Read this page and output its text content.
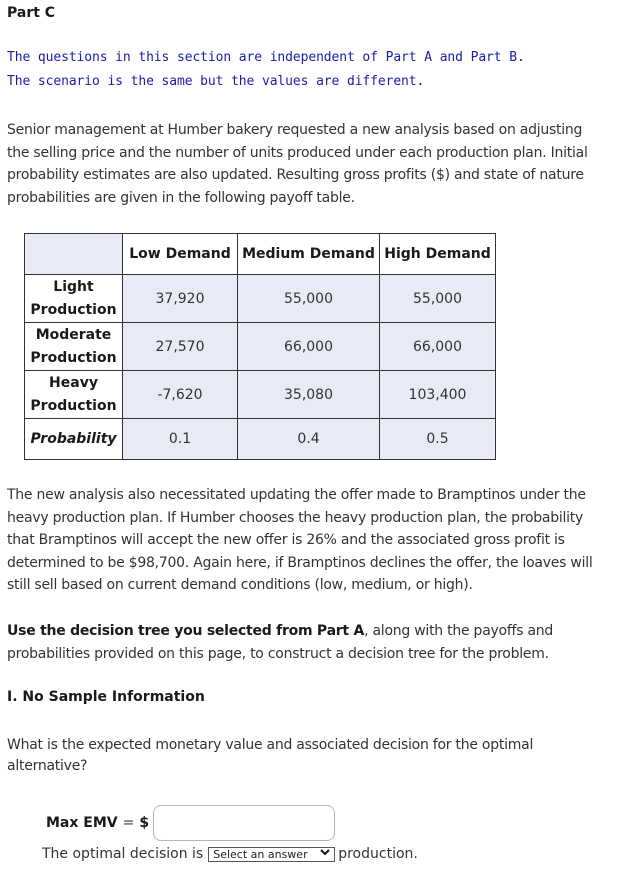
Part C
The questions in this section are independent of Part A and Part B.
The scenario is the same but the values are different.
Senior management at Humber bakery requested a new analysis based on adjusting the selling price and the number of units produced under each production plan. Initial probability estimates are also updated. Resulting gross profits ($) and state of nature probabilities are given in the following payoff table.
	Low Demand	Medium Demand	High Demand

Light
Production	37,920	55,000	55,000

Moderate
Production	27,570	66,000	66,000

Heavy
Production	-7,620	35,080	103,400
Probability	0.1	0.4	0.5
The new analysis also necessitated updating the offer made to Bramptinos under the heavy production plan. If Humber chooses the heavy production plan, the probability that Bramptinos will accept the new offer is 26% and the associated gross profit is determined to be $98,700. Again here, if Bramptinos declines the offer, the loaves will still sell based on current demand conditions (low, medium, or high).
Use the decision tree you selected from Part A, along with the payoffs and probabilities provided on this page, to construct a decision tree for the problem.
I. No Sample Information
What is the expected monetary value and associated decision for the optimal alternative?
Max EMV = $
The optimal decision is Select an answer production.
